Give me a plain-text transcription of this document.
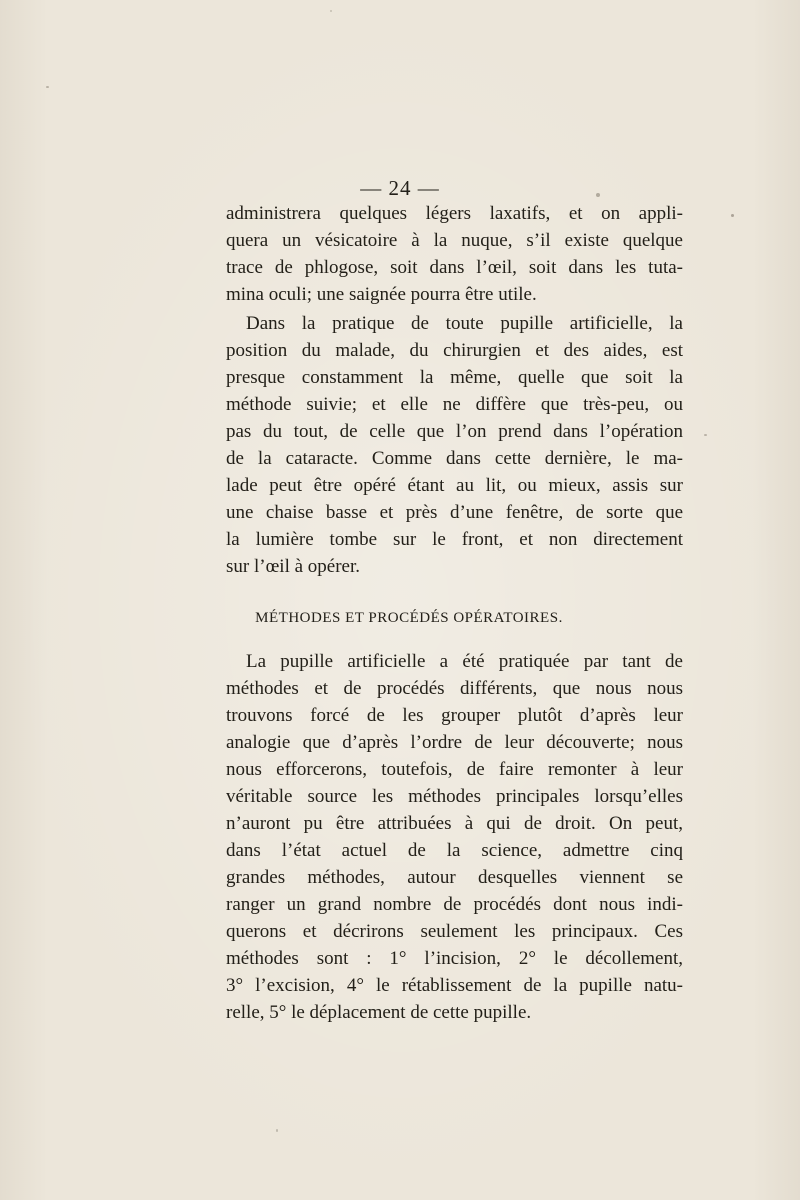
— 24 —
administrera quelques légers laxatifs, et on appli-
quera un vésicatoire à la nuque, s’il existe quelque
trace de phlogose, soit dans l’œil, soit dans les tuta-
mina oculi; une saignée pourra être utile.
Dans la pratique de toute pupille artificielle, la
position du malade, du chirurgien et des aides, est
presque constamment la même, quelle que soit la
méthode suivie; et elle ne diffère que très-peu, ou
pas du tout, de celle que l’on prend dans l’opération
de la cataracte. Comme dans cette dernière, le ma-
lade peut être opéré étant au lit, ou mieux, assis sur
une chaise basse et près d’une fenêtre, de sorte que
la lumière tombe sur le front, et non directement
sur l’œil à opérer.
MÉTHODES ET PROCÉDÉS OPÉRATOIRES.
La pupille artificielle a été pratiquée par tant de
méthodes et de procédés différents, que nous nous
trouvons forcé de les grouper plutôt d’après leur
analogie que d’après l’ordre de leur découverte; nous
nous efforcerons, toutefois, de faire remonter à leur
véritable source les méthodes principales lorsqu’elles
n’auront pu être attribuées à qui de droit. On peut,
dans l’état actuel de la science, admettre cinq
grandes méthodes, autour desquelles viennent se
ranger un grand nombre de procédés dont nous indi-
querons et décrirons seulement les principaux. Ces
méthodes sont : 1° l’incision, 2° le décollement,
3° l’excision, 4° le rétablissement de la pupille natu-
relle, 5° le déplacement de cette pupille.
